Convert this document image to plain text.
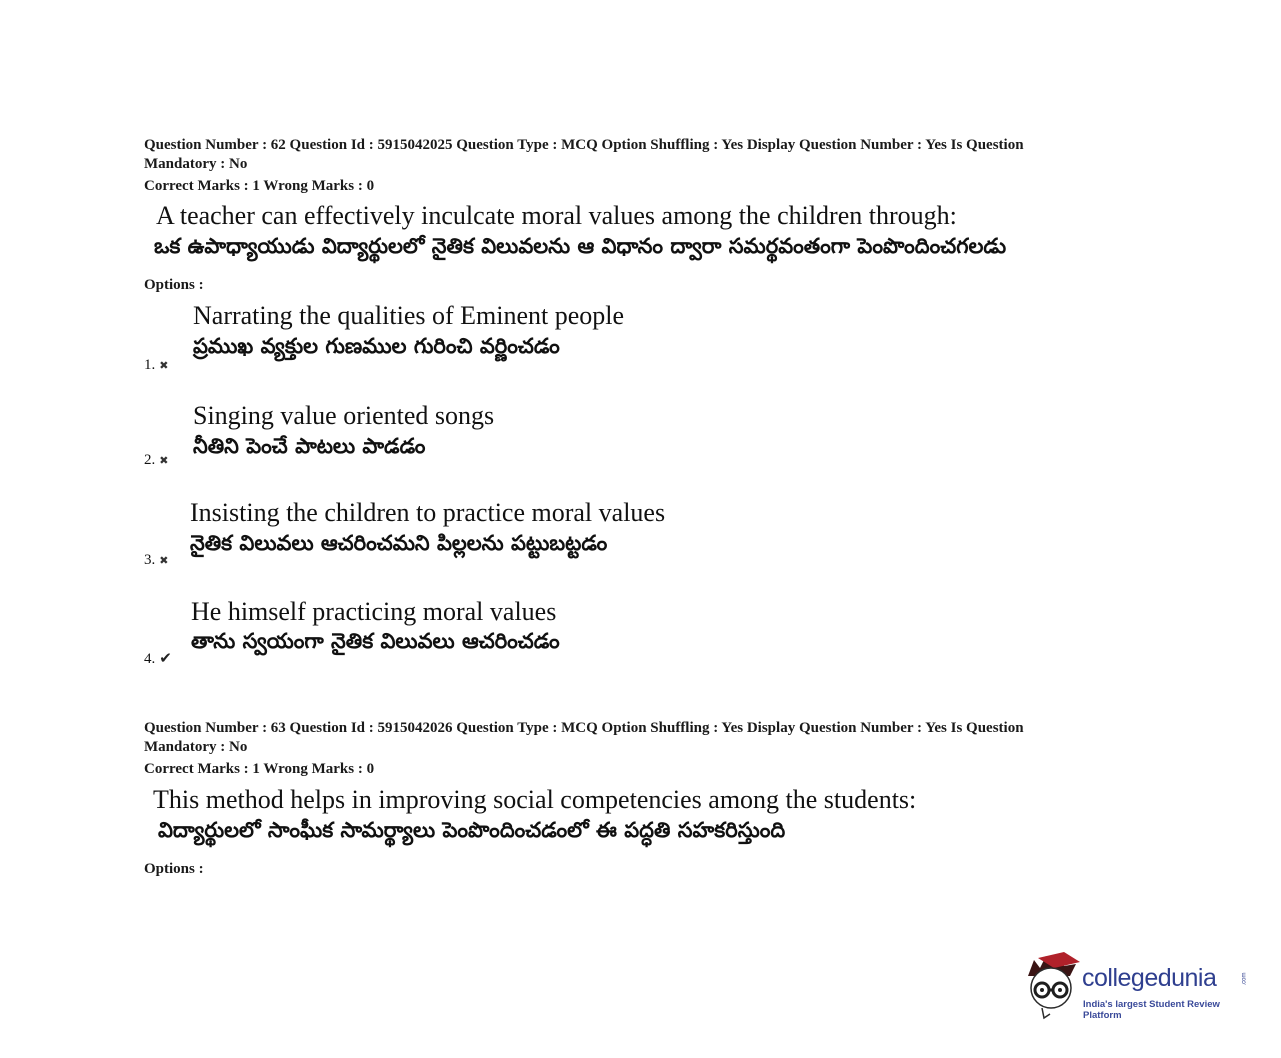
Question Number : 62 Question Id : 5915042025 Question Type : MCQ Option Shuffling : Yes Display Question Number : Yes Is Question
Mandatory : No
Correct Marks : 1 Wrong Marks : 0
A teacher can effectively inculcate moral values among the children through:
ఒక ఉపాధ్యాయుడు విద్యార్థులలో నైతిక విలువలను ఆ విధానం ద్వారా సమర్థవంతంగా పెంపొందించగలడు
Options :
Narrating the qualities of Eminent people
ప్రముఖ వ్యక్తుల గుణముల గురించి వర్ణించడం
1. ✖
Singing value oriented songs
నీతిని పెంచే పాటలు పాడడం
2. ✖
Insisting the children to practice moral values
నైతిక విలువలు ఆచరించమని పిల్లలను పట్టుబట్టడం
3. ✖
He himself practicing moral values
తాను స్వయంగా నైతిక విలువలు ఆచరించడం
4. ✔
Question Number : 63 Question Id : 5915042026 Question Type : MCQ Option Shuffling : Yes Display Question Number : Yes Is Question
Mandatory : No
Correct Marks : 1 Wrong Marks : 0
This method helps in improving social competencies among the students:
విద్యార్థులలో సాంఘీక సామర్థ్యాలు పెంపొందించడంలో ఈ పద్ధతి సహకరిస్తుంది
Options :
collegedunia	.com
India's largest Student Review Platform
